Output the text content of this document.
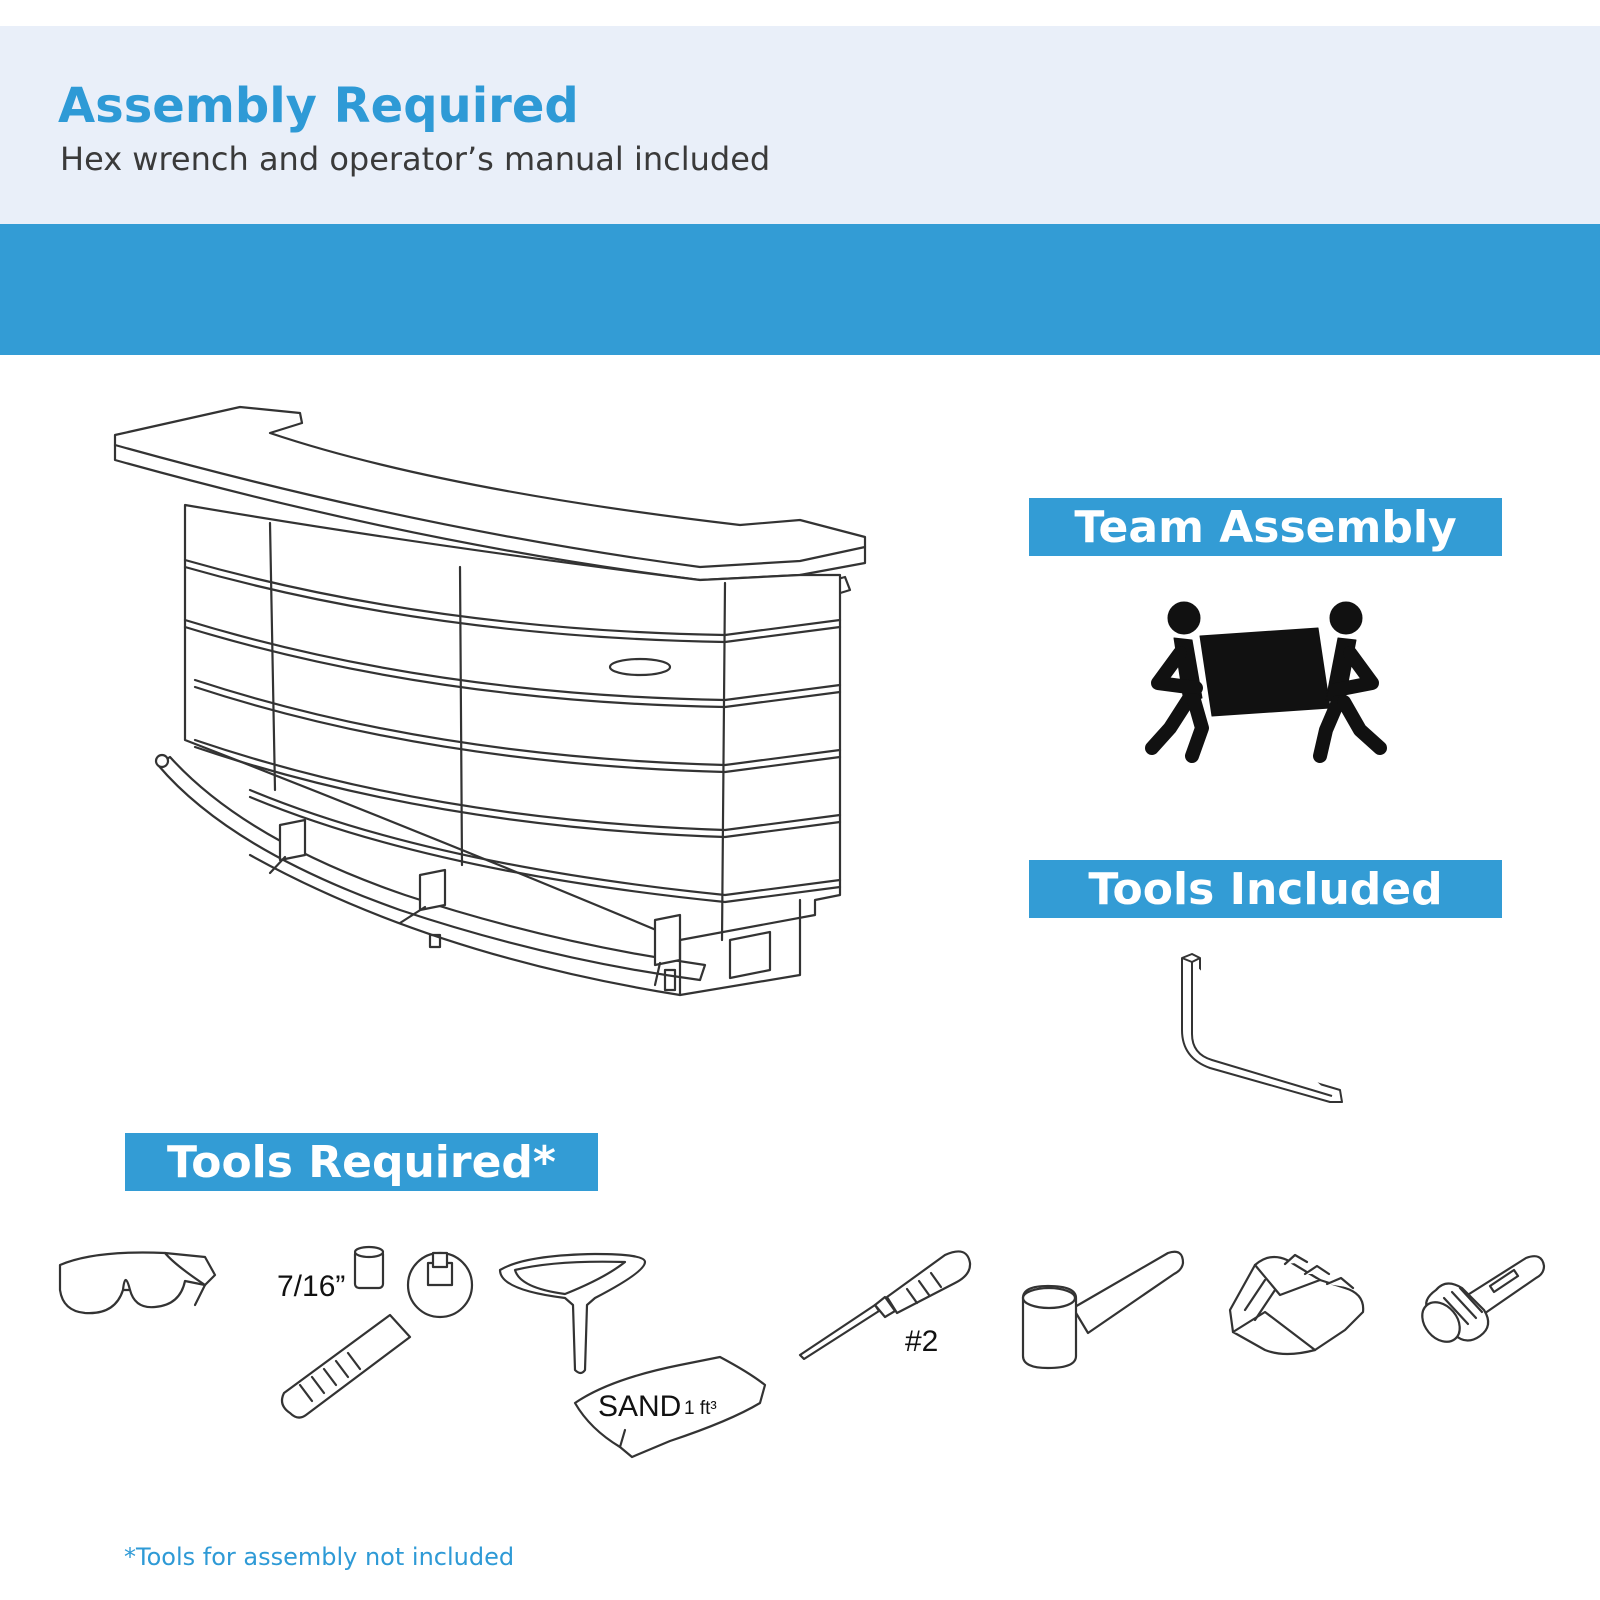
Assembly Required
Hex wrench and operator’s manual included
Team Assembly
Tools Included
Tools Required*
7/16”
SAND 1 ft³
#2
*Tools for assembly not included
